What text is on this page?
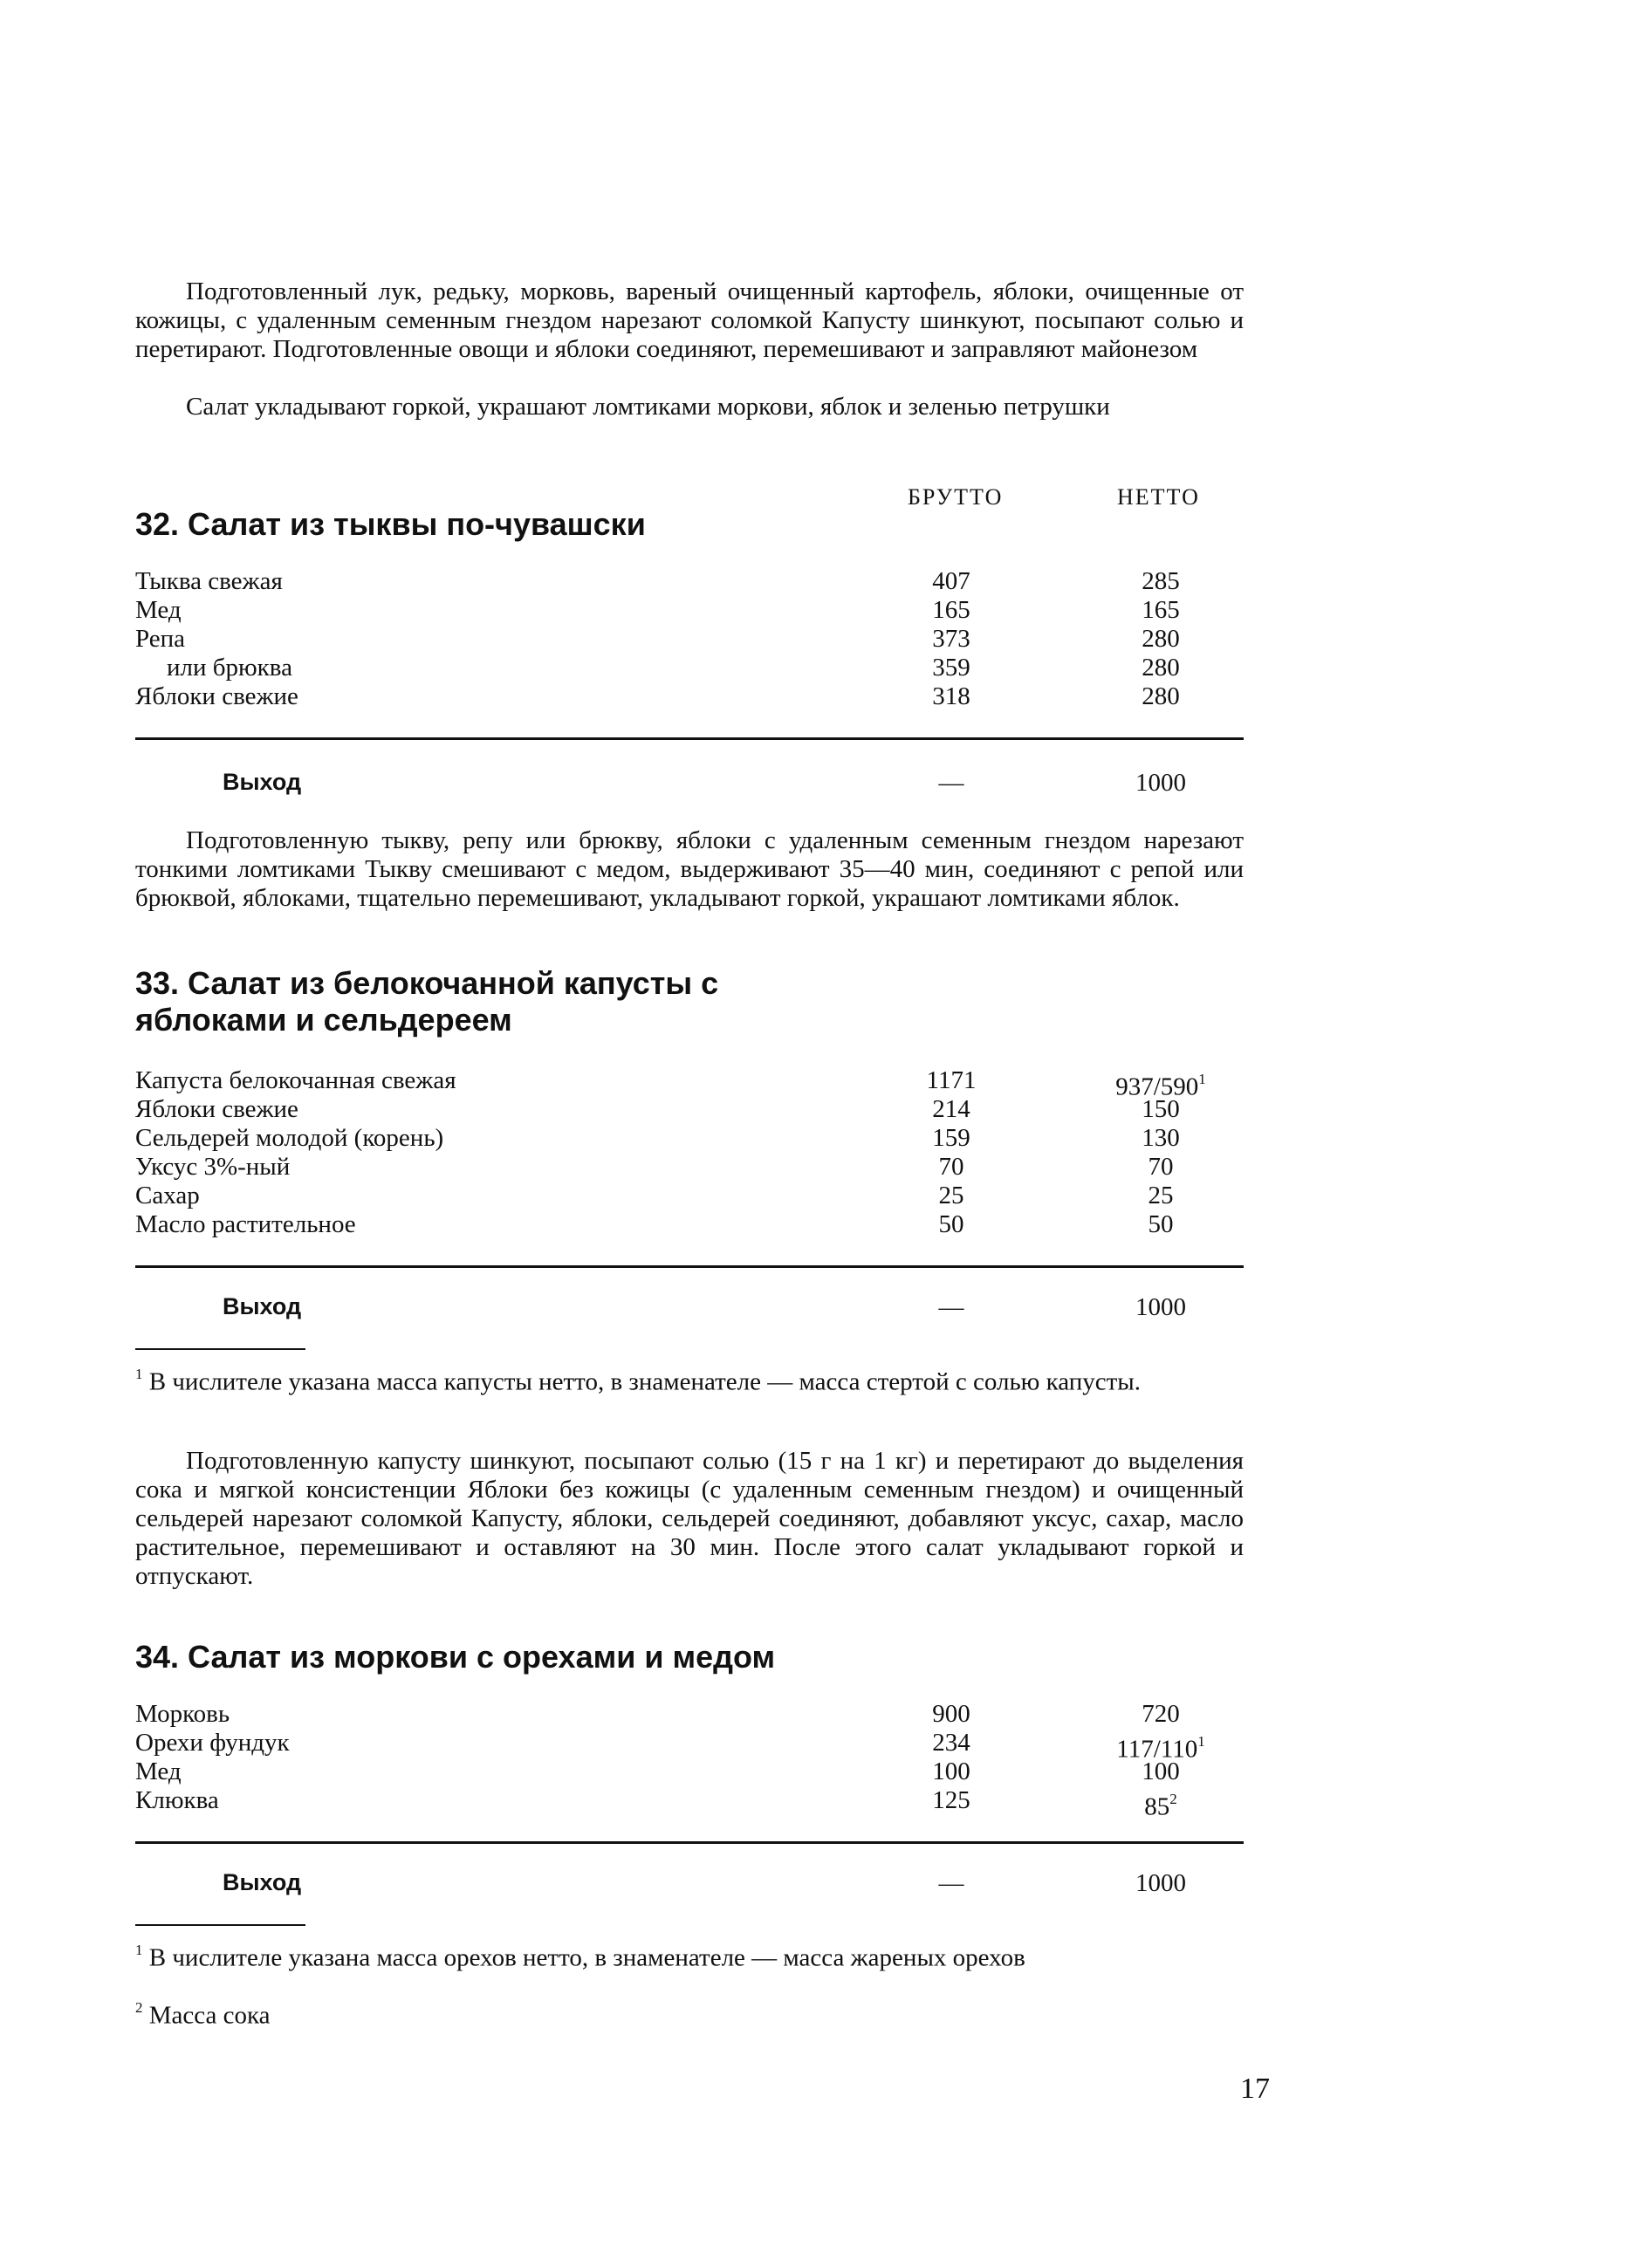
Подготовленный лук, редьку, морковь, вареный очищенный картофель, яблоки, очищенные от кожицы, с удаленным семенным гнездом нарезают соломкой Капусту шинкуют, посыпают солью и перетирают. Подготовленные овощи и яблоки соединяют, перемешивают и заправляют майонезом

Салат укладывают горкой, украшают ломтиками моркови, яблок и зеленью петрушки

БРУТТО	НЕТТО
32. Салат из тыквы по-чувашски
Тыква свежая	407	285
Мед	165	165
Репа	373	280
или брюква	359	280
Яблоки свежие	318	280
Выход	—	1000

Подготовленную тыкву, репу или брюкву, яблоки с удаленным семенным гнездом нарезают тонкими ломтиками Тыкву смешивают с медом, выдерживают 35—40 мин, соединяют с репой или брюквой, яблоками, тщательно перемешивают, укладывают горкой, украшают ломтиками яблок.

33. Салат из белокочанной капусты с
яблоками и сельдереем
Капуста белокочанная свежая	1171	$937/590^1$
Яблоки свежие	214	150
Сельдерей молодой (корень)	159	130
Уксус 3%-ный	70	70
Сахар	25	25
Масло растительное	50	50
Выход	—	1000

$^1$ В числителе указана масса капусты нетто, в знаменателе — масса стертой с солью капусты.

Подготовленную капусту шинкуют, посыпают солью (15 г на 1 кг) и перетирают до выделения сока и мягкой консистенции Яблоки без кожицы (с удаленным семенным гнездом) и очищенный сельдерей нарезают соломкой Капусту, яблоки, сельдерей соединяют, добавляют уксус, сахар, масло растительное, перемешивают и оставляют на 30 мин. После этого салат укладывают горкой и отпускают.

34. Салат из моркови с орехами и медом
Морковь	900	720
Орехи фундук	234	$117/110^1$
Мед	100	100
Клюква	125	$85^2$
Выход	—	1000

$^1$ В числителе указана масса орехов нетто, в знаменателе — масса жареных орехов

$^2$ Масса сока

17
